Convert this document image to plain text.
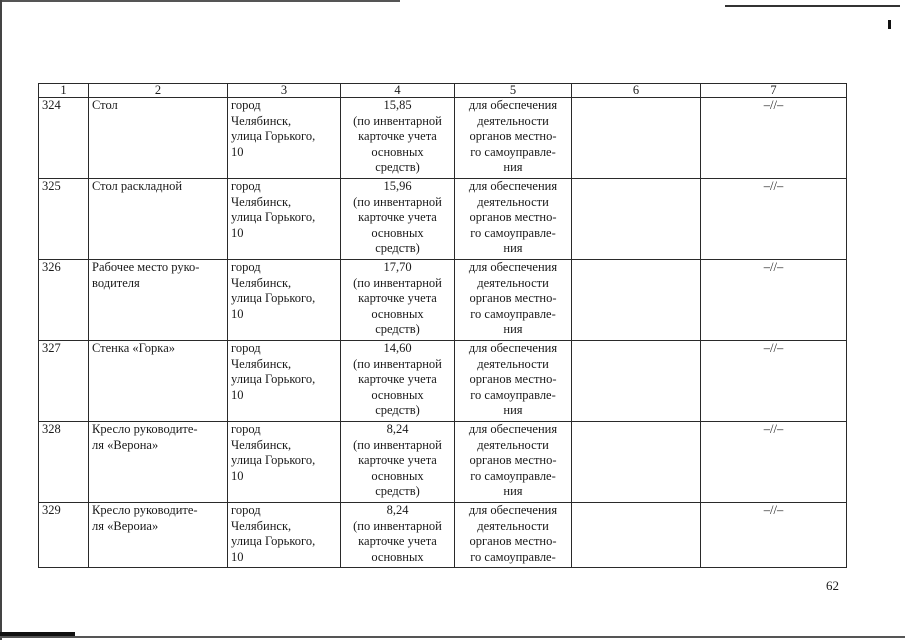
1	2	3	4	5	6	7
324	Стол	город
Челябинск,
улица Горького,
10	15,85
(по инвентарной
карточке учета
основных
средств)	для обеспечения
деятельности
органов местно-
го самоуправле-
ния		–//–
325	Стол раскладной	город
Челябинск,
улица Горького,
10	15,96
(по инвентарной
карточке учета
основных
средств)	для обеспечения
деятельности
органов местно-
го самоуправле-
ния		–//–
326	Рабочее место руко-
водителя	город
Челябинск,
улица Горького,
10	17,70
(по инвентарной
карточке учета
основных
средств)	для обеспечения
деятельности
органов местно-
го самоуправле-
ния		–//–
327	Стенка «Горка»	город
Челябинск,
улица Горького,
10	14,60
(по инвентарной
карточке учета
основных
средств)	для обеспечения
деятельности
органов местно-
го самоуправле-
ния		–//–
328	Кресло руководите-
ля «Верона»	город
Челябинск,
улица Горького,
10	8,24
(по инвентарной
карточке учета
основных
средств)	для обеспечения
деятельности
органов местно-
го самоуправле-
ния		–//–
329	Кресло руководите-
ля «Вероиа»	город
Челябинск,
улица Горького,
10	8,24
(по инвентарной
карточке учета
основных	для обеспечения
деятельности
органов местно-
го самоуправле-		–//–
62
